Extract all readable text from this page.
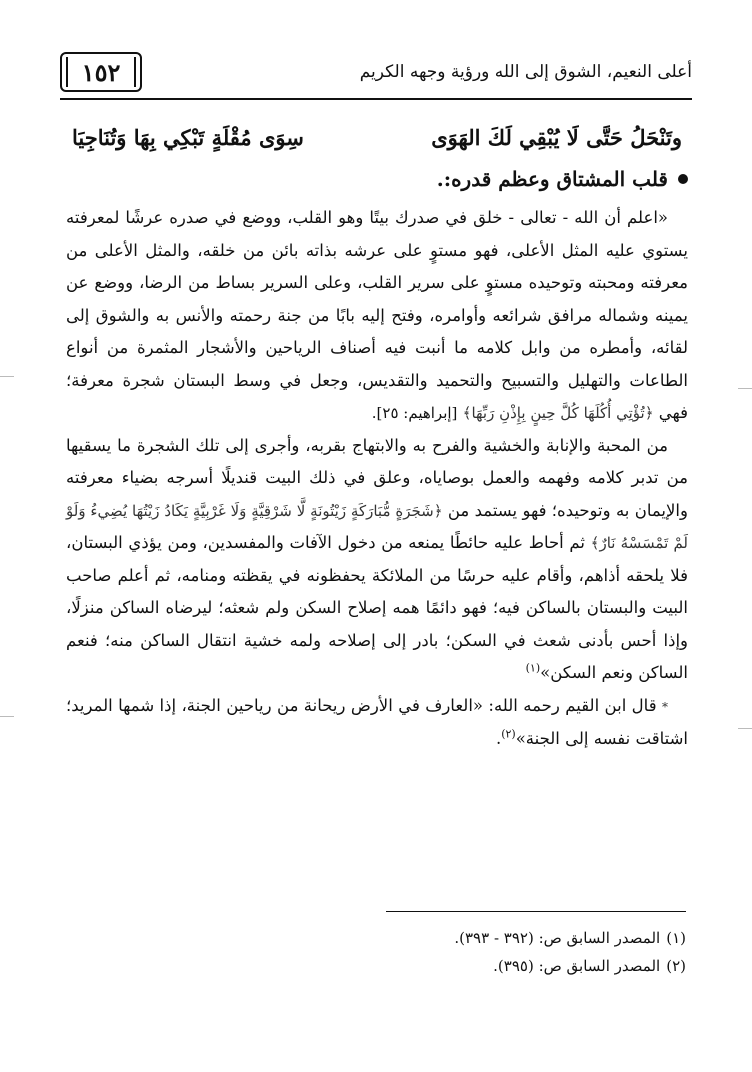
١٥٢	أعلى النعيم، الشوق إلى الله ورؤية وجهه الكريم
وتَنْحَلُ حَتَّى لَا يُبْقِي لَكَ الهَوَى
سِوَى مُقْلَةٍ تَبْكِي بِهَا وَتُنَاجِيَا
قلب المشتاق وعظم قدره:.

«اعلم أن الله - تعالى - خلق في صدرك بيتًا وهو القلب، ووضع في صدره عرشًا لمعرفته يستوي عليه المثل الأعلى، فهو مستوٍ على عرشه بذاته بائن من خلقه، والمثل الأعلى من معرفته ومحبته وتوحيده مستوٍ على سرير القلب، وعلى السرير بساط من الرضا، ووضع عن يمينه وشماله مرافق شرائعه وأوامره، وفتح إليه بابًا من جنة رحمته والأنس به والشوق إلى لقائه، وأمطره من وابل كلامه ما أنبت فيه أصناف الرياحين والأشجار المثمرة من أنواع الطاعات والتهليل والتسبيح والتحميد والتقديس، وجعل في وسط البستان شجرة معرفة؛ فهي ﴿تُؤْتِي أُكُلَهَا كُلَّ حِينٍ بِإِذْنِ رَبِّهَا﴾ [إبراهيم: ٢٥].

من المحبة والإنابة والخشية والفرح به والابتهاج بقربه، وأجرى إلى تلك الشجرة ما يسقيها من تدبر كلامه وفهمه والعمل بوصاياه، وعلق في ذلك البيت قنديلًا أسرجه بضياء معرفته والإيمان به وتوحيده؛ فهو يستمد من ﴿شَجَرَةٍ مُّبَارَكَةٍ زَيْتُونَةٍ لَّا شَرْقِيَّةٍ وَلَا غَرْبِيَّةٍ يَكَادُ زَيْتُهَا يُضِيءُ وَلَوْ لَمْ تَمْسَسْهُ نَارٌ﴾ ثم أحاط عليه حائطًا يمنعه من دخول الآفات والمفسدين، ومن يؤذي البستان، فلا يلحقه أذاهم، وأقام عليه حرسًا من الملائكة يحفظونه في يقظته ومنامه، ثم أعلم صاحب البيت والبستان بالساكن فيه؛ فهو دائمًا همه إصلاح السكن ولم شعثه؛ ليرضاه الساكن منزلًا، وإذا أحس بأدنى شعث في السكن؛ بادر إلى إصلاحه ولمه خشية انتقال الساكن منه؛ فنعم الساكن ونعم السكن»$^{(١)}$

* قال ابن القيم رحمه الله: «العارف في الأرض ريحانة من رياحين الجنة، إذا شمها المريد؛ اشتاقت نفسه إلى الجنة»$^{(٢)}$.

(١)المصدر السابق ص: (٣٩٢ - ٣٩٣).
(٢)المصدر السابق ص: (٣٩٥).
